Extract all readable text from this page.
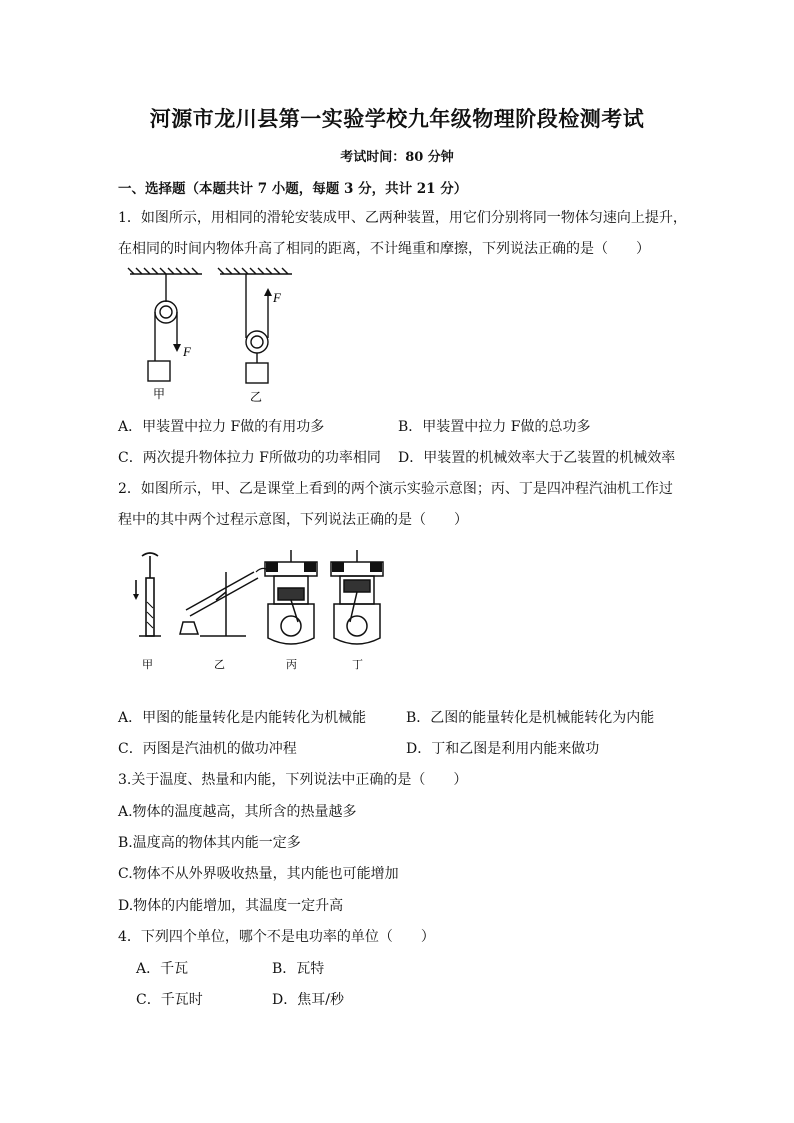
河源市龙川县第一实验学校九年级物理阶段检测考试
考试时间：80 分钟
一、选择题（本题共计 7 小题，每题 3 分，共计 21 分）
1．如图所示，用相同的滑轮安装成甲、乙两种装置，用它们分别将同一物体匀速向上提升，
在相同的时间内物体升高了相同的距离，不计绳重和摩擦，下列说法正确的是（　　）
F
甲
F
乙
A．甲装置中拉力 F做的有用功多	B．甲装置中拉力 F做的总功多
C．两次提升物体拉力 F所做功的功率相同 D．甲装置的机械效率大于乙装置的机械效率
2．如图所示，甲、乙是课堂上看到的两个演示实验示意图；丙、丁是四冲程汽油机工作过
程中的其中两个过程示意图，下列说法正确的是（　　）
甲	乙	丙	丁
A．甲图的能量转化是内能转化为机械能	B．乙图的能量转化是机械能转化为内能
C．丙图是汽油机的做功冲程	D．丁和乙图是利用内能来做功
3.关于温度、热量和内能，下列说法中正确的是（　　）
A.物体的温度越高，其所含的热量越多
B.温度高的物体其内能一定多
C.物体不从外界吸收热量，其内能也可能增加
D.物体的内能增加，其温度一定升高
4．下列四个单位，哪个不是电功率的单位（　　）
A．千瓦	B．瓦特
C．千瓦时	D．焦耳/秒
